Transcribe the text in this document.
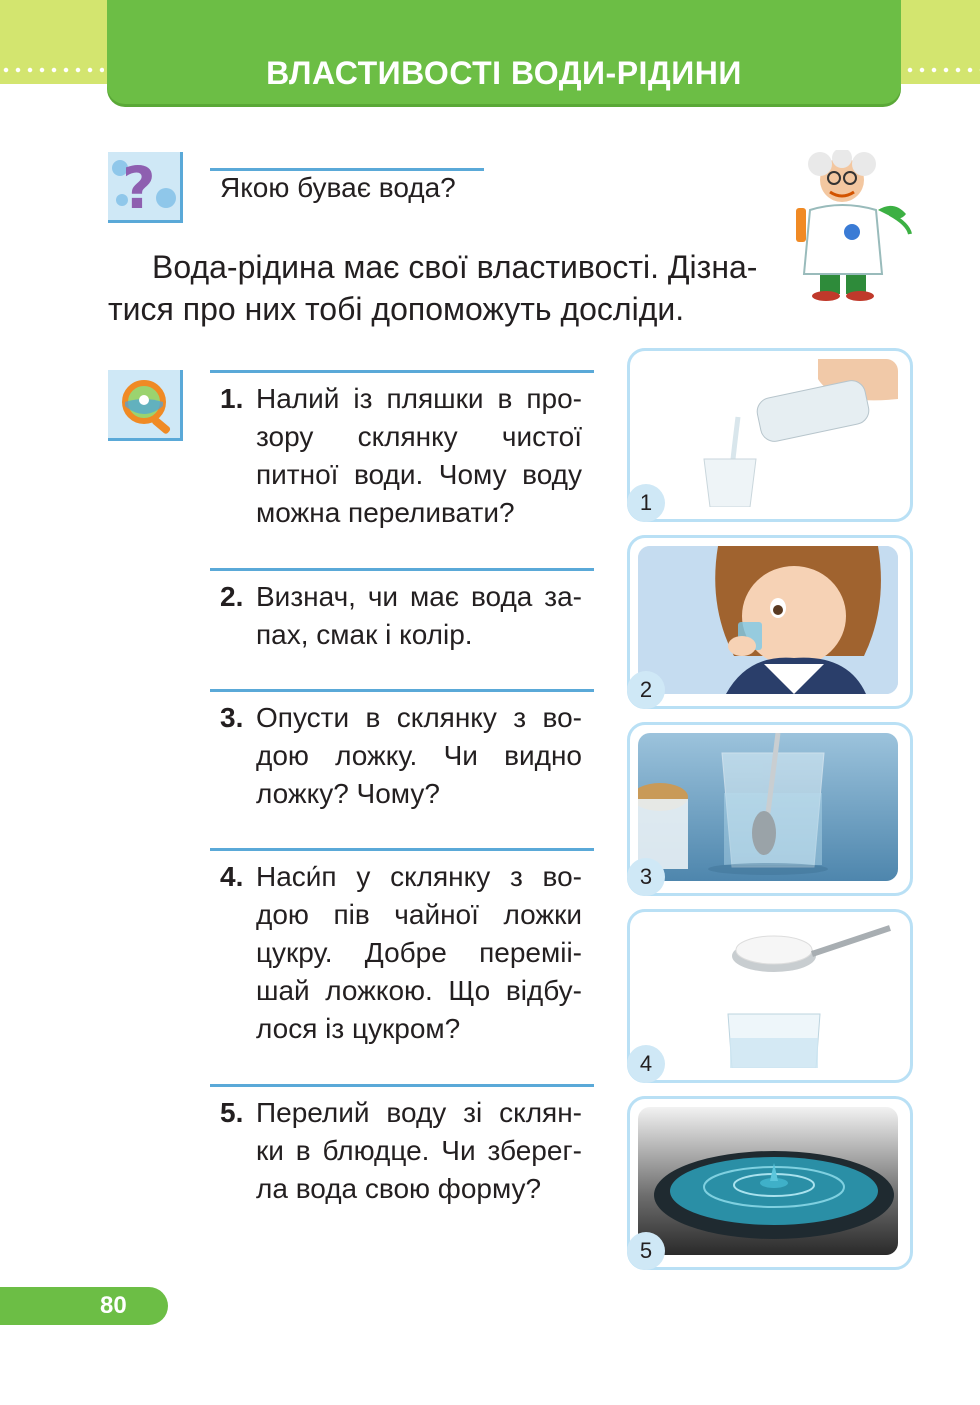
ВЛАСТИВОСТІ ВОДИ-РІДИНИ
? Якою буває вода?
Вода-рідина має свої властивості. Дізна-
тися про них тобі допоможуть досліди.
1. Налий із пляшки в про-
зору склянку чистої
питної води. Чому воду
можна переливати?
2. Визнач, чи має вода за-
пах, смак і колір.
3. Опусти в склянку з во-
дою ложку. Чи видно
ложку? Чому?
4. Наси́п у склянку з во-
дою пів чайної ложки
цукру. Добре переміі-
шай ложкою. Що відбу-
лося із цукром?
5. Перелий воду зі склян-
ки в блюдце. Чи зберег-
ла вода свою форму?
1
2
3
4
5
80
